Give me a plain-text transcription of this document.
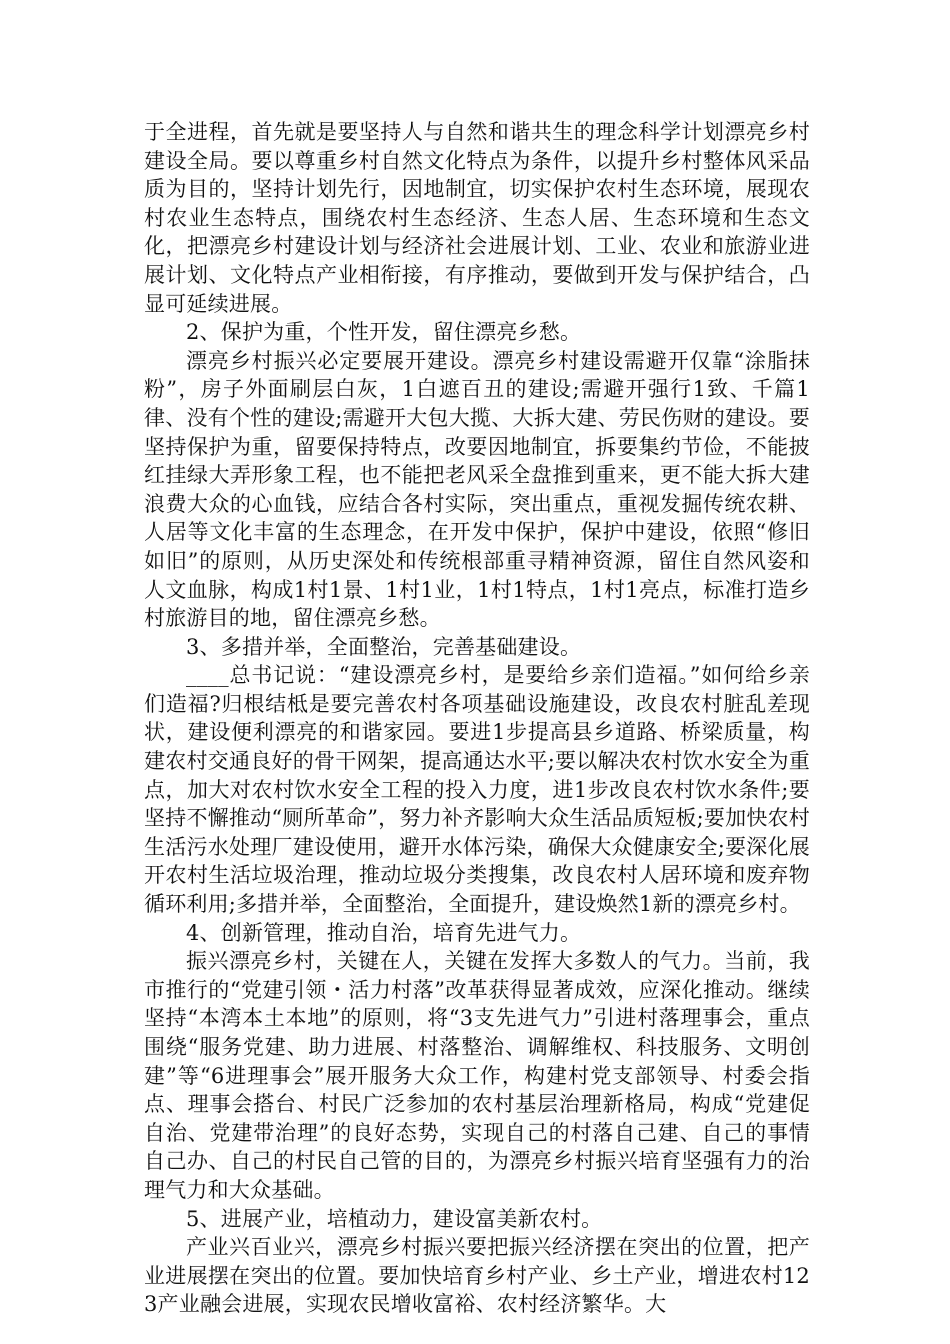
于全进程，首先就是要坚持人与自然和谐共生的理念科学计划漂亮乡村建设全局。要以尊重乡村自然文化特点为条件，以提升乡村整体风采品质为目的，坚持计划先行，因地制宜，切实保护农村生态环境，展现农村农业生态特点，围绕农村生态经济、生态人居、生态环境和生态文化，把漂亮乡村建设计划与经济社会进展计划、工业、农业和旅游业进展计划、文化特点产业相衔接，有序推动，要做到开发与保护结合，凸显可延续进展。

2、保护为重，个性开发，留住漂亮乡愁。

漂亮乡村振兴必定要展开建设。漂亮乡村建设需避开仅靠“涂脂抹粉”，房子外面刷层白灰，1白遮百丑的建设;需避开强行1致、千篇1律、没有个性的建设;需避开大包大揽、大拆大建、劳民伤财的建设。要坚持保护为重，留要保持特点，改要因地制宜，拆要集约节俭，不能披红挂绿大弄形象工程，也不能把老风采全盘推到重来，更不能大拆大建浪费大众的心血钱，应结合各村实际，突出重点，重视发掘传统农耕、人居等文化丰富的生态理念，在开发中保护，保护中建设，依照“修旧如旧”的原则，从历史深处和传统根部重寻精神资源，留住自然风姿和人文血脉，构成1村1景、1村1业，1村1特点，1村1亮点，标准打造乡村旅游目的地，留住漂亮乡愁。

3、多措并举，全面整治，完善基础建设。

____总书记说：“建设漂亮乡村，是要给乡亲们造福。”如何给乡亲们造福?归根结柢是要完善农村各项基础设施建设，改良农村脏乱差现状，建设便利漂亮的和谐家园。要进1步提高县乡道路、桥梁质量，构建农村交通良好的骨干网架，提高通达水平;要以解决农村饮水安全为重点，加大对农村饮水安全工程的投入力度，进1步改良农村饮水条件;要坚持不懈推动“厕所革命”，努力补齐影响大众生活品质短板;要加快农村生活污水处理厂建设使用，避开水体污染，确保大众健康安全;要深化展开农村生活垃圾治理，推动垃圾分类搜集，改良农村人居环境和废弃物循环利用;多措并举，全面整治，全面提升，建设焕然1新的漂亮乡村。

4、创新管理，推动自治，培育先进气力。

振兴漂亮乡村，关键在人，关键在发挥大多数人的气力。当前，我市推行的“党建引领・活力村落”改革获得显著成效，应深化推动。继续坚持“本湾本土本地”的原则，将“3支先进气力”引进村落理事会，重点围绕“服务党建、助力进展、村落整治、调解维权、科技服务、文明创建”等“6进理事会”展开服务大众工作，构建村党支部领导、村委会指点、理事会搭台、村民广泛参加的农村基层治理新格局，构成“党建促自治、党建带治理”的良好态势，实现自己的村落自己建、自己的事情自己办、自己的村民自己管的目的，为漂亮乡村振兴培育坚强有力的治理气力和大众基础。

5、进展产业，培植动力，建设富美新农村。

产业兴百业兴，漂亮乡村振兴要把振兴经济摆在突出的位置，把产业进展摆在突出的位置。要加快培育乡村产业、乡土产业，增进农村123产业融会进展，实现农民增收富裕、农村经济繁华。大
